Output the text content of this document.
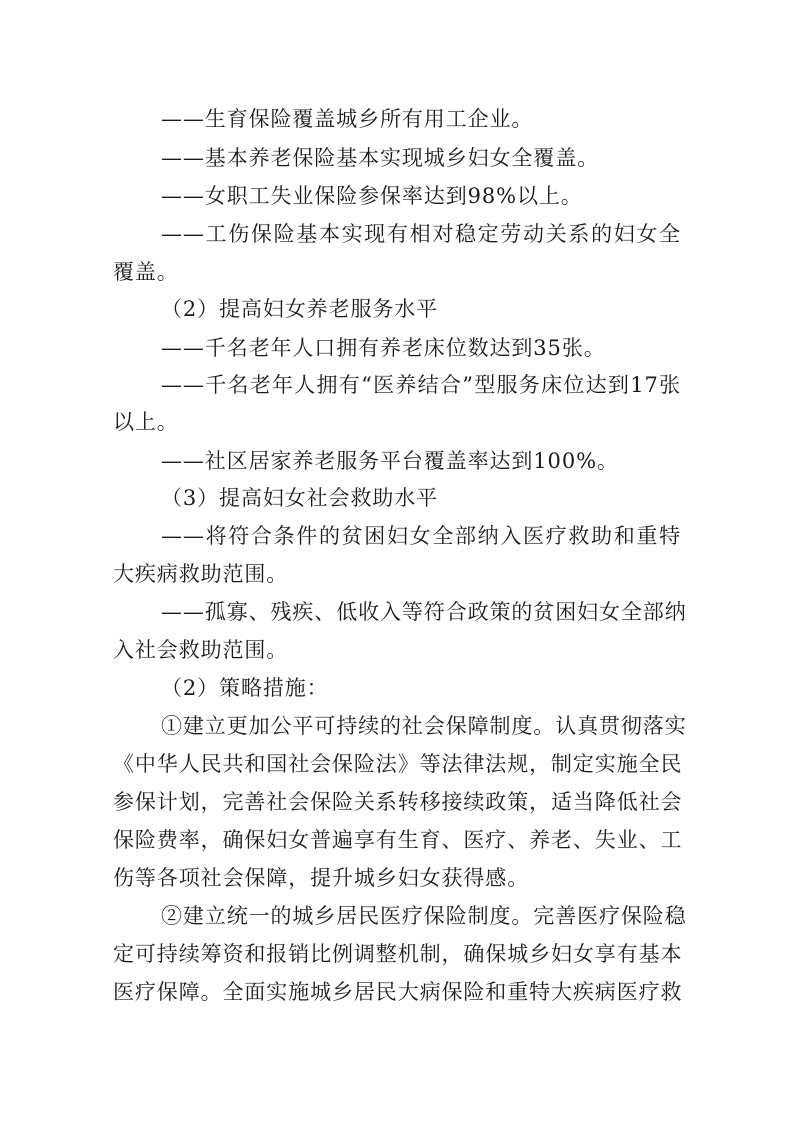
——生育保险覆盖城乡所有用工企业。
——基本养老保险基本实现城乡妇女全覆盖。
——女职工失业保险参保率达到98%以上。
——工伤保险基本实现有相对稳定劳动关系的妇女全
覆盖。
（2）提高妇女养老服务水平
——千名老年人口拥有养老床位数达到35张。
——千名老年人拥有“医养结合”型服务床位达到17张
以上。
——社区居家养老服务平台覆盖率达到100%。
（3）提高妇女社会救助水平
——将符合条件的贫困妇女全部纳入医疗救助和重特
大疾病救助范围。
——孤寡、残疾、低收入等符合政策的贫困妇女全部纳
入社会救助范围。
（2）策略措施：
①建立更加公平可持续的社会保障制度。认真贯彻落实
《中华人民共和国社会保险法》等法律法规，制定实施全民
参保计划，完善社会保险关系转移接续政策，适当降低社会
保险费率，确保妇女普遍享有生育、医疗、养老、失业、工
伤等各项社会保障，提升城乡妇女获得感。
②建立统一的城乡居民医疗保险制度。完善医疗保险稳
定可持续筹资和报销比例调整机制，确保城乡妇女享有基本
医疗保障。全面实施城乡居民大病保险和重特大疾病医疗救
